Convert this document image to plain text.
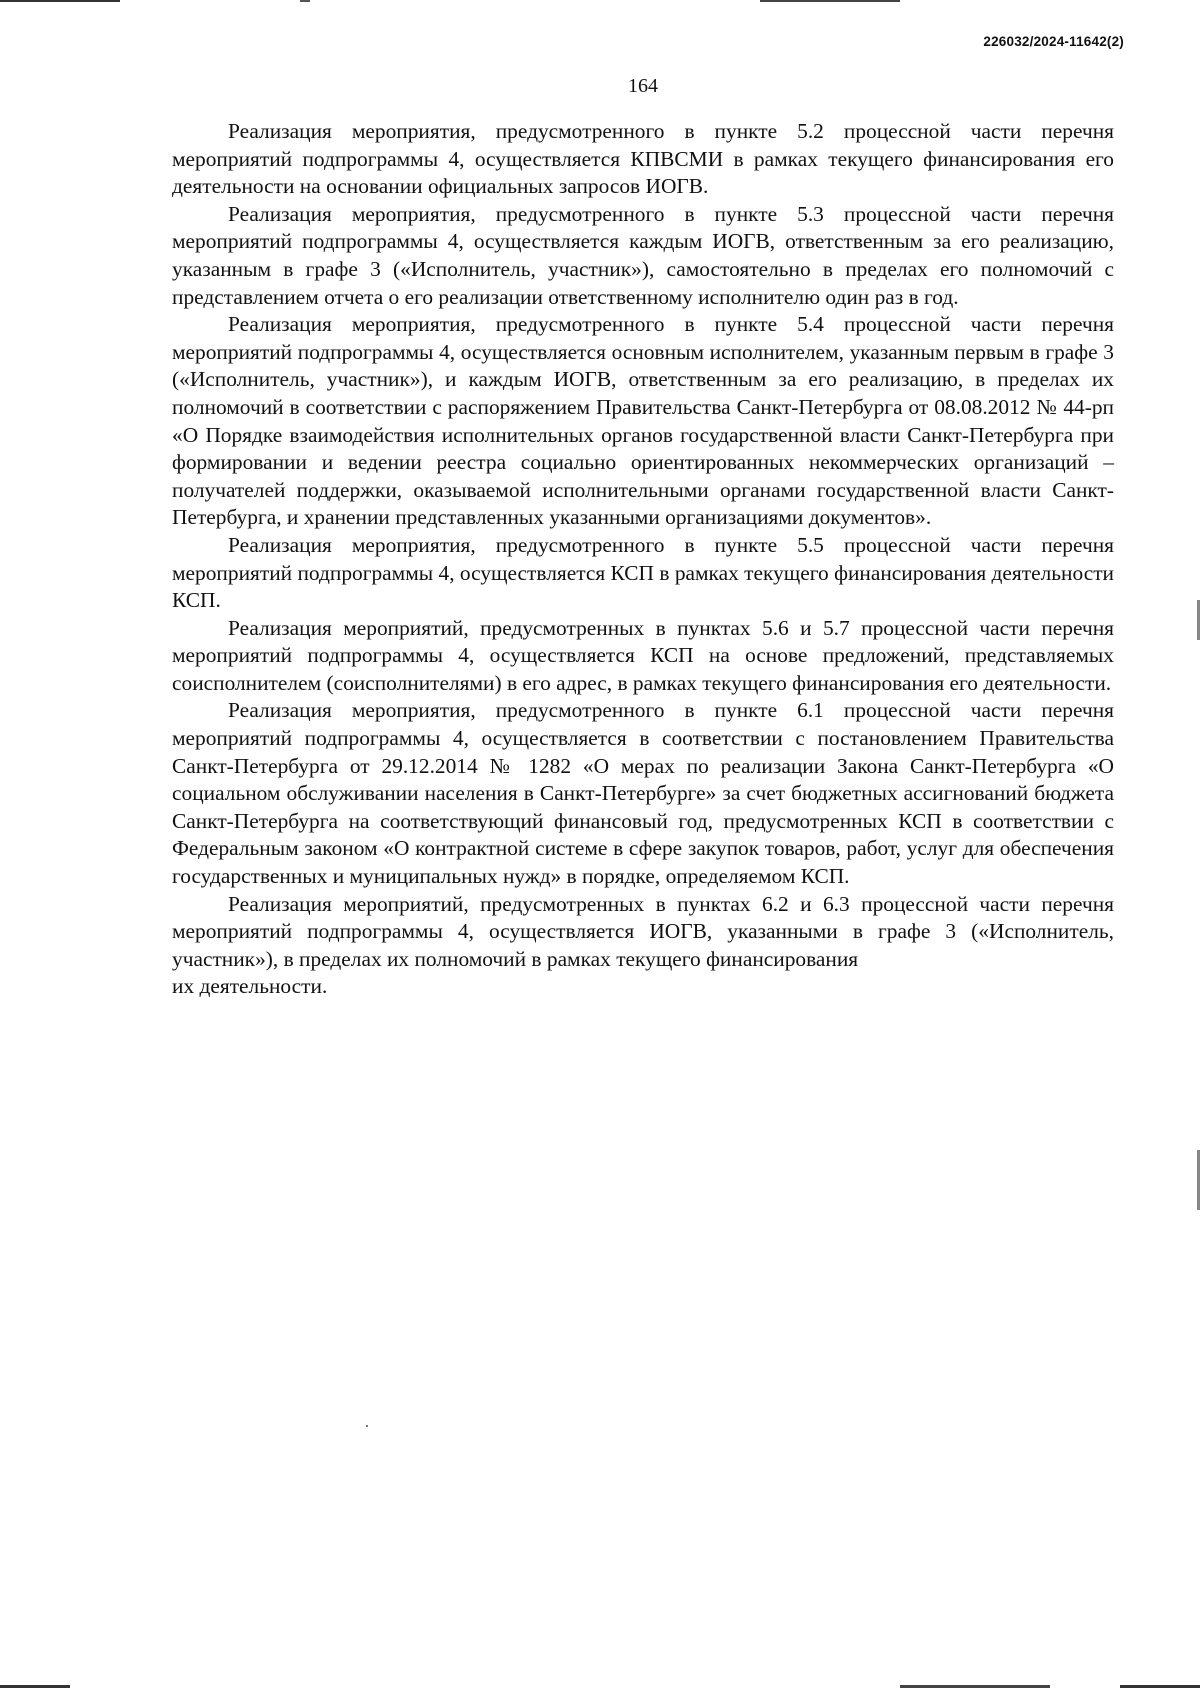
226032/2024-11642(2)
164

Реализация мероприятия, предусмотренного в пункте 5.2 процессной части перечня мероприятий подпрограммы 4, осуществляется КПВСМИ в рамках текущего финансирования его деятельности на основании официальных запросов ИОГВ.

Реализация мероприятия, предусмотренного в пункте 5.3 процессной части перечня мероприятий подпрограммы 4, осуществляется каждым ИОГВ, ответственным за его реализацию, указанным в графе 3 («Исполнитель, участник»), самостоятельно в пределах его полномочий с представлением отчета о его реализации ответственному исполнителю один раз в год.

Реализация мероприятия, предусмотренного в пункте 5.4 процессной части перечня мероприятий подпрограммы 4, осуществляется основным исполнителем, указанным первым в графе 3 («Исполнитель, участник»), и каждым ИОГВ, ответственным за его реализацию, в пределах их полномочий в соответствии с распоряжением Правительства Санкт-Петербурга от 08.08.2012 № 44-рп «О Порядке взаимодействия исполнительных органов государственной власти Санкт-Петербурга при формировании и ведении реестра социально ориентированных некоммерческих организаций – получателей поддержки, оказываемой исполнительными органами государственной власти Санкт-Петербурга, и хранении представленных указанными организациями документов».

Реализация мероприятия, предусмотренного в пункте 5.5 процессной части перечня мероприятий подпрограммы 4, осуществляется КСП в рамках текущего финансирования деятельности КСП.

Реализация мероприятий, предусмотренных в пунктах 5.6 и 5.7 процессной части перечня мероприятий подпрограммы 4, осуществляется КСП на основе предложений, представляемых соисполнителем (соисполнителями) в его адрес, в рамках текущего финансирования его деятельности.

Реализация мероприятия, предусмотренного в пункте 6.1 процессной части перечня мероприятий подпрограммы 4, осуществляется в соответствии с постановлением Правительства Санкт-Петербурга от 29.12.2014 № 1282 «О мерах по реализации Закона Санкт-Петербурга «О социальном обслуживании населения в Санкт-Петербурге» за счет бюджетных ассигнований бюджета Санкт-Петербурга на соответствующий финансовый год, предусмотренных КСП в соответствии с Федеральным законом «О контрактной системе в сфере закупок товаров, работ, услуг для обеспечения государственных и муниципальных нужд» в порядке, определяемом КСП.

Реализация мероприятий, предусмотренных в пунктах 6.2 и 6.3 процессной части перечня мероприятий подпрограммы 4, осуществляется ИОГВ, указанными в графе 3 («Исполнитель, участник»), в пределах их полномочий в рамках текущего финансирования

их деятельности.
